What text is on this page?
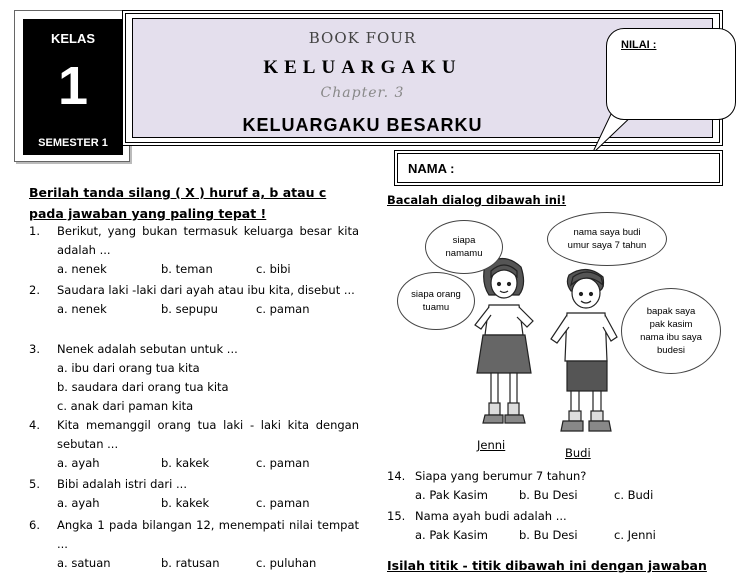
KELAS
1
SEMESTER 1
BOOK FOUR
KELUARGAKU
Chapter. 3
KELUARGAKU BESARKU
NILAI :
NAMA :
Berilah tanda silang ( X ) huruf a, b atau c pada jawaban yang paling tepat !
1. Berikut, yang bukan termasuk keluarga besar kita adalah ...
a. nenek	b. teman	c. bibi
2. Saudara laki -laki dari ayah atau ibu kita, disebut ...
a. nenek	b. sepupu	c. paman
3. Nenek adalah sebutan untuk ...
a. ibu dari orang tua kita
b. saudara dari orang tua kita
c. anak dari paman kita
4. Kita memanggil orang tua laki - laki kita dengan sebutan ...
a. ayah	b. kakek	c. paman
5. Bibi adalah istri dari ...
a. ayah	b. kakek	c. paman
6. Angka 1 pada bilangan 12, menempati nilai tempat ...
a. satuan	b. ratusan	c. puluhan
Bacalah dialog dibawah ini!
siapa namamu
siapa orang tuamu
nama saya budi
umur saya 7 tahun
bapak saya
pak kasim
nama ibu saya
budesi
Jenni
Budi
14. Siapa yang berumur 7 tahun?
a. Pak Kasim	b. Bu Desi	c. Budi
15. Nama ayah budi adalah ...
a. Pak Kasim	b. Bu Desi	c. Jenni
Isilah titik - titik dibawah ini dengan jawaban
